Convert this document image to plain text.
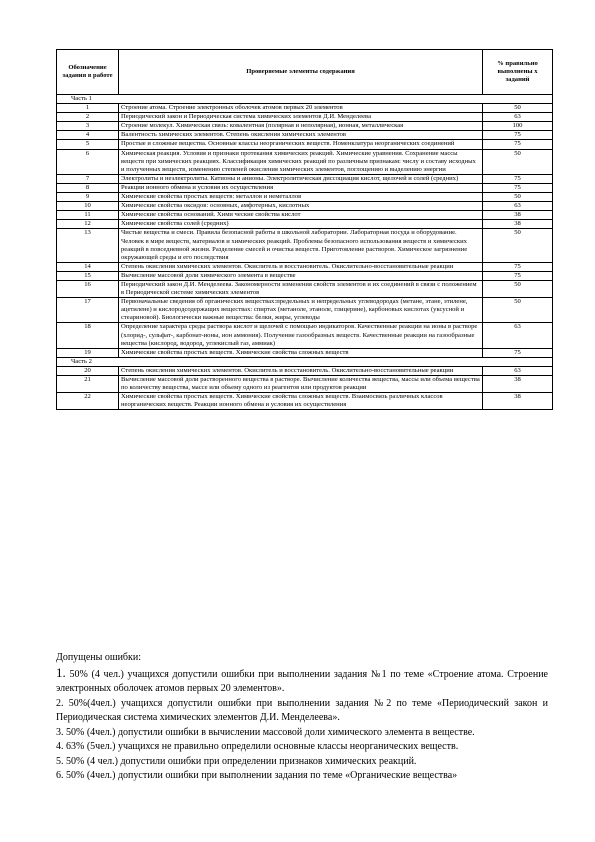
Обозначение задания в работе	Проверяемые элементы содержания	% правильно выполнены х заданий
Часть 1		
1	Строение атома. Строение электронных оболочек атомов первых 20 элементов	50
2	Периодический закон и Периодическая система химических элементов Д.И. Менделеева	63
3	Строение молекул. Химическая связь: ковалентная (полярная и неполярная), ионная, металлическая	100
4	Валентность химических элементов. Степень окисления химических элементов	75
5	Простые и сложные вещества. Основные классы неорганических веществ. Номенклатура неорганических соединений	75
6	Химическая реакция. Условия и признаки протекания химических реакций. Химические уравнения. Сохранение массы веществ при химических реакциях. Классификация химических реакций по различным признакам: числу и составу исходных и полученных веществ, изменению степеней окисления химических элементов, поглощению и выделению энергии	50
7	Электролиты и неэлектролиты. Катионы и анионы. Электролитическая диссоциация кислот, щелочей и солей (средних)	75
8	Реакции ионного обмена и условия их осуществления	75
9	Химические свойства простых веществ: металлов и неметаллов	50
10	Химические свойства оксидов: основных, амфотерных, кислотных	63
11	Химические свойства оснований. Хими ческие свойства кислот	38
12	Химические свойства солей (средних)	38
13	Чистые вещества и смеси. Правила безопасной работы в школьной лаборатории. Лабораторная посуда и оборудование. Человек в мире веществ, материалов и химических реакций. Проблемы безопасного использования веществ и химических реакций в повседневной жизни. Разделение смесей и очистка веществ. Приготовление растворов. Химическое загрязнение окружающей среды и его последствия	50
14	Степень окисления химических элементов. Окислитель и восстановитель. Окислительно-восстановительные реакции	75
15	Вычисление массовой доли химического элемента в веществе	75
16	Периодический закон Д.И. Менделеева. Закономерности изменения свойств элементов и их соединений в связи с положением в Периодической системе химических элементов	50
17	Первоначальные сведения об органических веществах:предельных и непредельных углеводородах (метане, этане, этилене, ацетилене) и кислородсодержащих веществах: спиртах (метаноле, этаноле, глицерине), карбоновых кислотах (уксусной и стеариновой). Биологически важные вещества: белки, жиры, углеводы	50
18	Определение характера среды раствора кислот и щелочей с помощью индикаторов. Качественные реакции на ионы в растворе (хлорид-, сульфат-, карбонат-ионы, ион аммония). Получение газообразных веществ. Качественные реакции на газообразные вещества (кислород, водород, углекислый газ, аммиак)	63
19	Химические свойства простых веществ. Химические свойства сложных веществ	75
Часть 2		
20	Степень окисления химических элементов. Окислитель и восстановитель. Окислительно-восстановительные реакции	63
21	Вычисление массовой доли растворенного вещества в растворе. Вычисление количества вещества, массы или объема вещества по количеству вещества, массе или объему одного из реагентов или продуктов реакции	38
22	Химические свойства простых веществ. Химические свойства сложных веществ. Взаимосвязь различных классов неорганических веществ. Реакции ионного обмена и условия их осуществления	38

Допущены ошибки:

1. 50% (4 чел.) учащихся допустили ошибки при выполнении задания №1 по теме «Строение атома. Строение электронных оболочек атомов первых 20 элементов».

2. 50%(4чел.) учащихся допустили ошибки при выполнении задания №2 по теме «Периодический закон и Периодическая система химических элементов Д.И. Менделеева».

3. 50% (4чел.) допустили ошибки в вычислении массовой доли химического элемента в веществе.

4. 63% (5чел.) учащихся не правильно определили основные классы неорганических веществ.

5. 50% (4 чел.) допустили ошибки при определении признаков химических реакций.

6. 50% (4чел.) допустили ошибки при выполнении задания по теме «Органические вещества»
